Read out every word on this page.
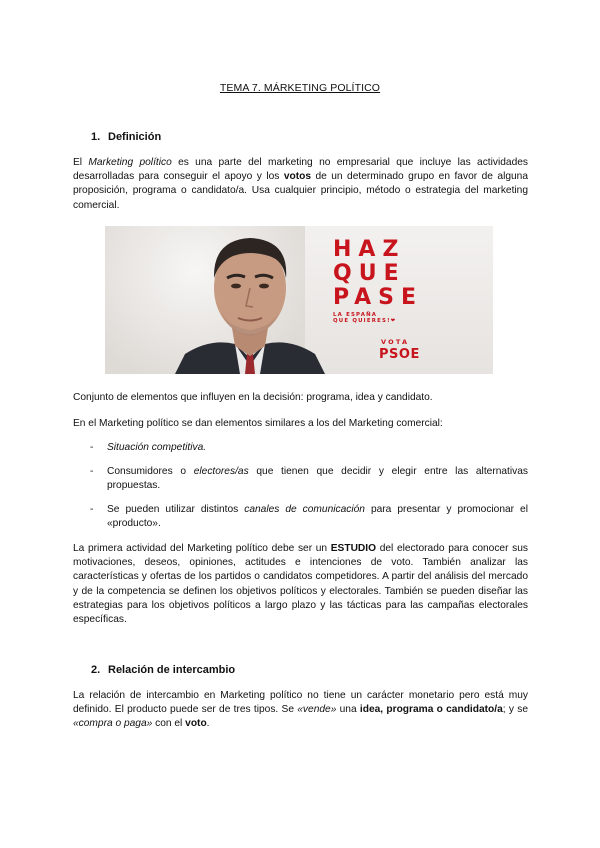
TEMA 7. MÁRKETING POLÍTICO
1. Definición

El Marketing político es una parte del marketing no empresarial que incluye las actividades desarrolladas para conseguir el apoyo y los votos de un determinado grupo en favor de alguna proposición, programa o candidato/a. Usa cualquier principio, método o estrategia del marketing comercial.

HAZ
QUE
PASE
LA ESPAÑA
QUE QUIERES!❤
VOTA
PSOE
Conjunto de elementos que influyen en la decisión: programa, idea y candidato.
En el Marketing político se dan elementos similares a los del Marketing comercial:
- Situación competitiva.
- Consumidores o electores/as que tienen que decidir y elegir entre las alternativas propuestas.
- Se pueden utilizar distintos canales de comunicación para presentar y promocionar el «producto».

La primera actividad del Marketing político debe ser un ESTUDIO del electorado para conocer sus motivaciones, deseos, opiniones, actitudes e intenciones de voto. También analizar las características y ofertas de los partidos o candidatos competidores. A partir del análisis del mercado y de la competencia se definen los objetivos políticos y electorales. También se pueden diseñar las estrategias para los objetivos políticos a largo plazo y las tácticas para las campañas electorales específicas.

2. Relación de intercambio

La relación de intercambio en Marketing político no tiene un carácter monetario pero está muy definido. El producto puede ser de tres tipos. Se «vende» una idea, programa o candidato/a; y se «compra o paga» con el voto.
